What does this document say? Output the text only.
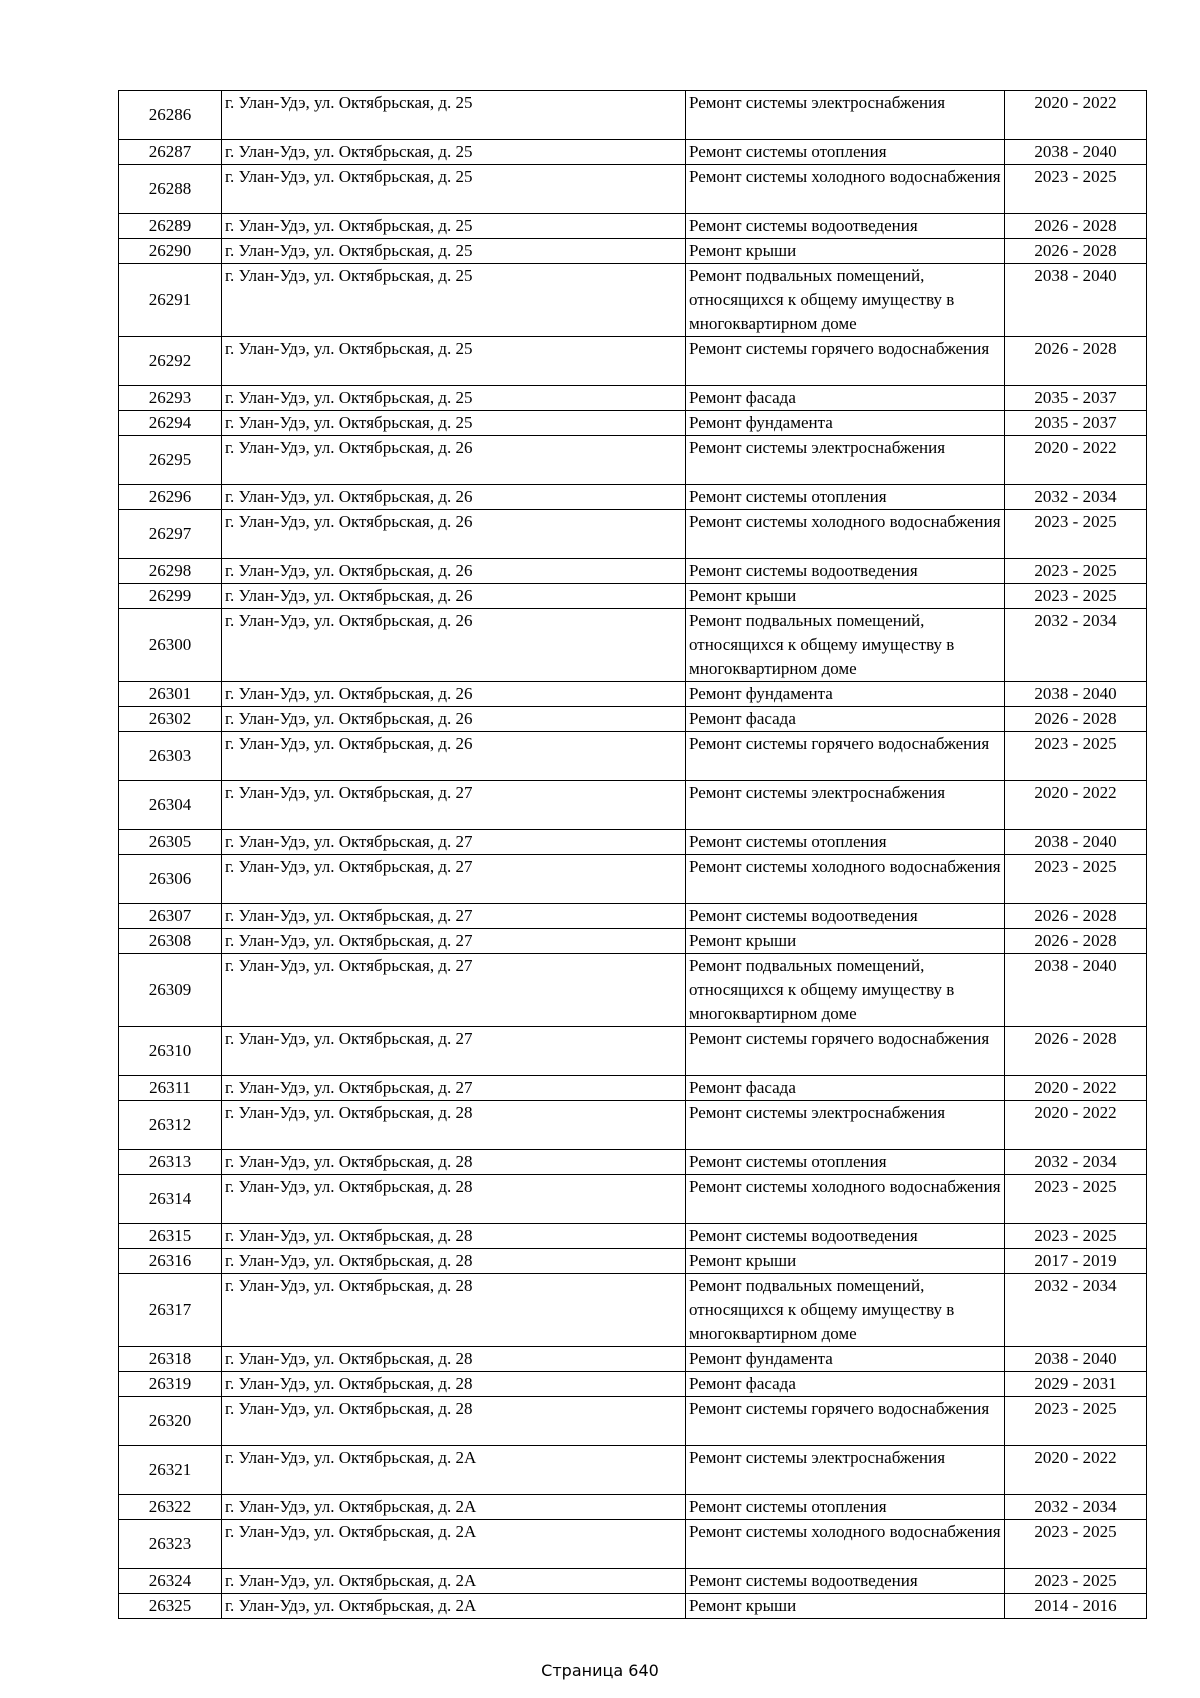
26286	г. Улан-Удэ, ул. Октябрьская, д. 25	Ремонт системы электроснабжения	2020 - 2022
26287	г. Улан-Удэ, ул. Октябрьская, д. 25	Ремонт системы отопления	2038 - 2040
26288	г. Улан-Удэ, ул. Октябрьская, д. 25	Ремонт системы холодного водоснабжения	2023 - 2025
26289	г. Улан-Удэ, ул. Октябрьская, д. 25	Ремонт системы водоотведения	2026 - 2028
26290	г. Улан-Удэ, ул. Октябрьская, д. 25	Ремонт крыши	2026 - 2028
26291	г. Улан-Удэ, ул. Октябрьская, д. 25	Ремонт подвальных помещений, относящихся к общему имуществу в многоквартирном доме	2038 - 2040
26292	г. Улан-Удэ, ул. Октябрьская, д. 25	Ремонт системы горячего водоснабжения	2026 - 2028
26293	г. Улан-Удэ, ул. Октябрьская, д. 25	Ремонт фасада	2035 - 2037
26294	г. Улан-Удэ, ул. Октябрьская, д. 25	Ремонт фундамента	2035 - 2037
26295	г. Улан-Удэ, ул. Октябрьская, д. 26	Ремонт системы электроснабжения	2020 - 2022
26296	г. Улан-Удэ, ул. Октябрьская, д. 26	Ремонт системы отопления	2032 - 2034
26297	г. Улан-Удэ, ул. Октябрьская, д. 26	Ремонт системы холодного водоснабжения	2023 - 2025
26298	г. Улан-Удэ, ул. Октябрьская, д. 26	Ремонт системы водоотведения	2023 - 2025
26299	г. Улан-Удэ, ул. Октябрьская, д. 26	Ремонт крыши	2023 - 2025
26300	г. Улан-Удэ, ул. Октябрьская, д. 26	Ремонт подвальных помещений, относящихся к общему имуществу в многоквартирном доме	2032 - 2034
26301	г. Улан-Удэ, ул. Октябрьская, д. 26	Ремонт фундамента	2038 - 2040
26302	г. Улан-Удэ, ул. Октябрьская, д. 26	Ремонт фасада	2026 - 2028
26303	г. Улан-Удэ, ул. Октябрьская, д. 26	Ремонт системы горячего водоснабжения	2023 - 2025
26304	г. Улан-Удэ, ул. Октябрьская, д. 27	Ремонт системы электроснабжения	2020 - 2022
26305	г. Улан-Удэ, ул. Октябрьская, д. 27	Ремонт системы отопления	2038 - 2040
26306	г. Улан-Удэ, ул. Октябрьская, д. 27	Ремонт системы холодного водоснабжения	2023 - 2025
26307	г. Улан-Удэ, ул. Октябрьская, д. 27	Ремонт системы водоотведения	2026 - 2028
26308	г. Улан-Удэ, ул. Октябрьская, д. 27	Ремонт крыши	2026 - 2028
26309	г. Улан-Удэ, ул. Октябрьская, д. 27	Ремонт подвальных помещений, относящихся к общему имуществу в многоквартирном доме	2038 - 2040
26310	г. Улан-Удэ, ул. Октябрьская, д. 27	Ремонт системы горячего водоснабжения	2026 - 2028
26311	г. Улан-Удэ, ул. Октябрьская, д. 27	Ремонт фасада	2020 - 2022
26312	г. Улан-Удэ, ул. Октябрьская, д. 28	Ремонт системы электроснабжения	2020 - 2022
26313	г. Улан-Удэ, ул. Октябрьская, д. 28	Ремонт системы отопления	2032 - 2034
26314	г. Улан-Удэ, ул. Октябрьская, д. 28	Ремонт системы холодного водоснабжения	2023 - 2025
26315	г. Улан-Удэ, ул. Октябрьская, д. 28	Ремонт системы водоотведения	2023 - 2025
26316	г. Улан-Удэ, ул. Октябрьская, д. 28	Ремонт крыши	2017 - 2019
26317	г. Улан-Удэ, ул. Октябрьская, д. 28	Ремонт подвальных помещений, относящихся к общему имуществу в многоквартирном доме	2032 - 2034
26318	г. Улан-Удэ, ул. Октябрьская, д. 28	Ремонт фундамента	2038 - 2040
26319	г. Улан-Удэ, ул. Октябрьская, д. 28	Ремонт фасада	2029 - 2031
26320	г. Улан-Удэ, ул. Октябрьская, д. 28	Ремонт системы горячего водоснабжения	2023 - 2025
26321	г. Улан-Удэ, ул. Октябрьская, д. 2А	Ремонт системы электроснабжения	2020 - 2022
26322	г. Улан-Удэ, ул. Октябрьская, д. 2А	Ремонт системы отопления	2032 - 2034
26323	г. Улан-Удэ, ул. Октябрьская, д. 2А	Ремонт системы холодного водоснабжения	2023 - 2025
26324	г. Улан-Удэ, ул. Октябрьская, д. 2А	Ремонт системы водоотведения	2023 - 2025
26325	г. Улан-Удэ, ул. Октябрьская, д. 2А	Ремонт крыши	2014 - 2016
Страница 640
